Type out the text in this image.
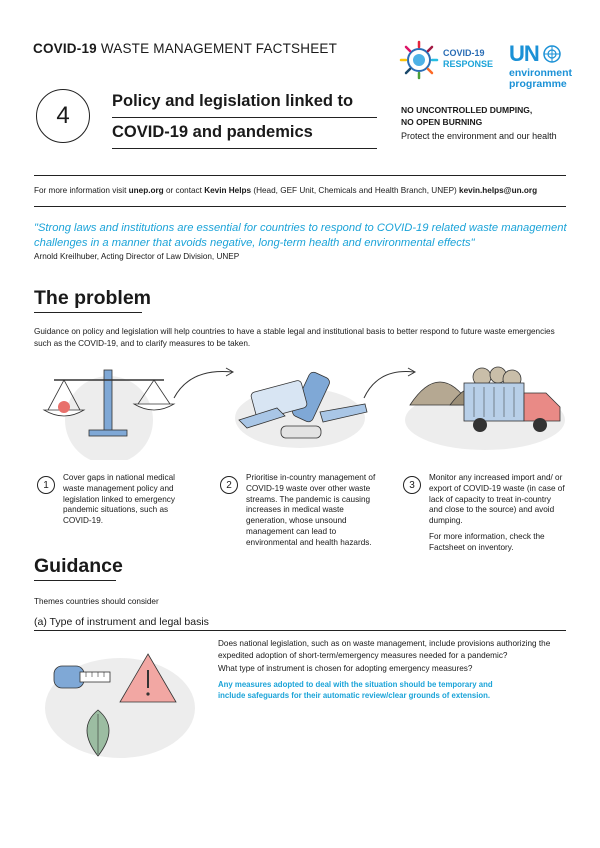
COVID-19 WASTE MANAGEMENT FACTSHEET	COVID-19
RESPONSE UN
environment
programme
4
Policy and legislation linked to
COVID-19 and pandemics
NO UNCONTROLLED DUMPING,
NO OPEN BURNING
Protect the environment and our health
For more information visit unep.org or contact Kevin Helps (Head, GEF Unit, Chemicals and Health Branch, UNEP) kevin.helps@un.org
"Strong laws and institutions are essential for countries to respond to COVID-19 related waste management challenges in a manner that avoids negative, long-term health and environmental effects"
Arnold Kreilhuber, Acting Director of Law Division, UNEP
The problem
Guidance on policy and legislation will help countries to have a stable legal and institutional basis to better respond to future waste emergencies such as the COVID-19, and to clarify measures to be taken.
1

Cover gaps in national medical waste management policy and legislation linked to emergency pandemic situations, such as COVID-19.

2

Prioritise in-country management of COVID-19 waste over other waste streams. The pandemic is causing increases in medical waste generation, whose unsound management can lead to environmental and health hazards.

3

Monitor any increased import and/ or export of COVID-19 waste (in case of lack of capacity to treat in-country and close to the source) and avoid dumping.

For more information, check the Factsheet on inventory.

Guidance
Themes countries should consider
(a) Type of instrument and legal basis
Does national legislation, such as on waste management, include provisions authorizing the expedited adoption of short-term/emergency measures needed for a pandemic?
What type of instrument is chosen for adopting emergency measures?
Any measures adopted to deal with the situation should be temporary and include safeguards for their automatic review/clear grounds of extension.
